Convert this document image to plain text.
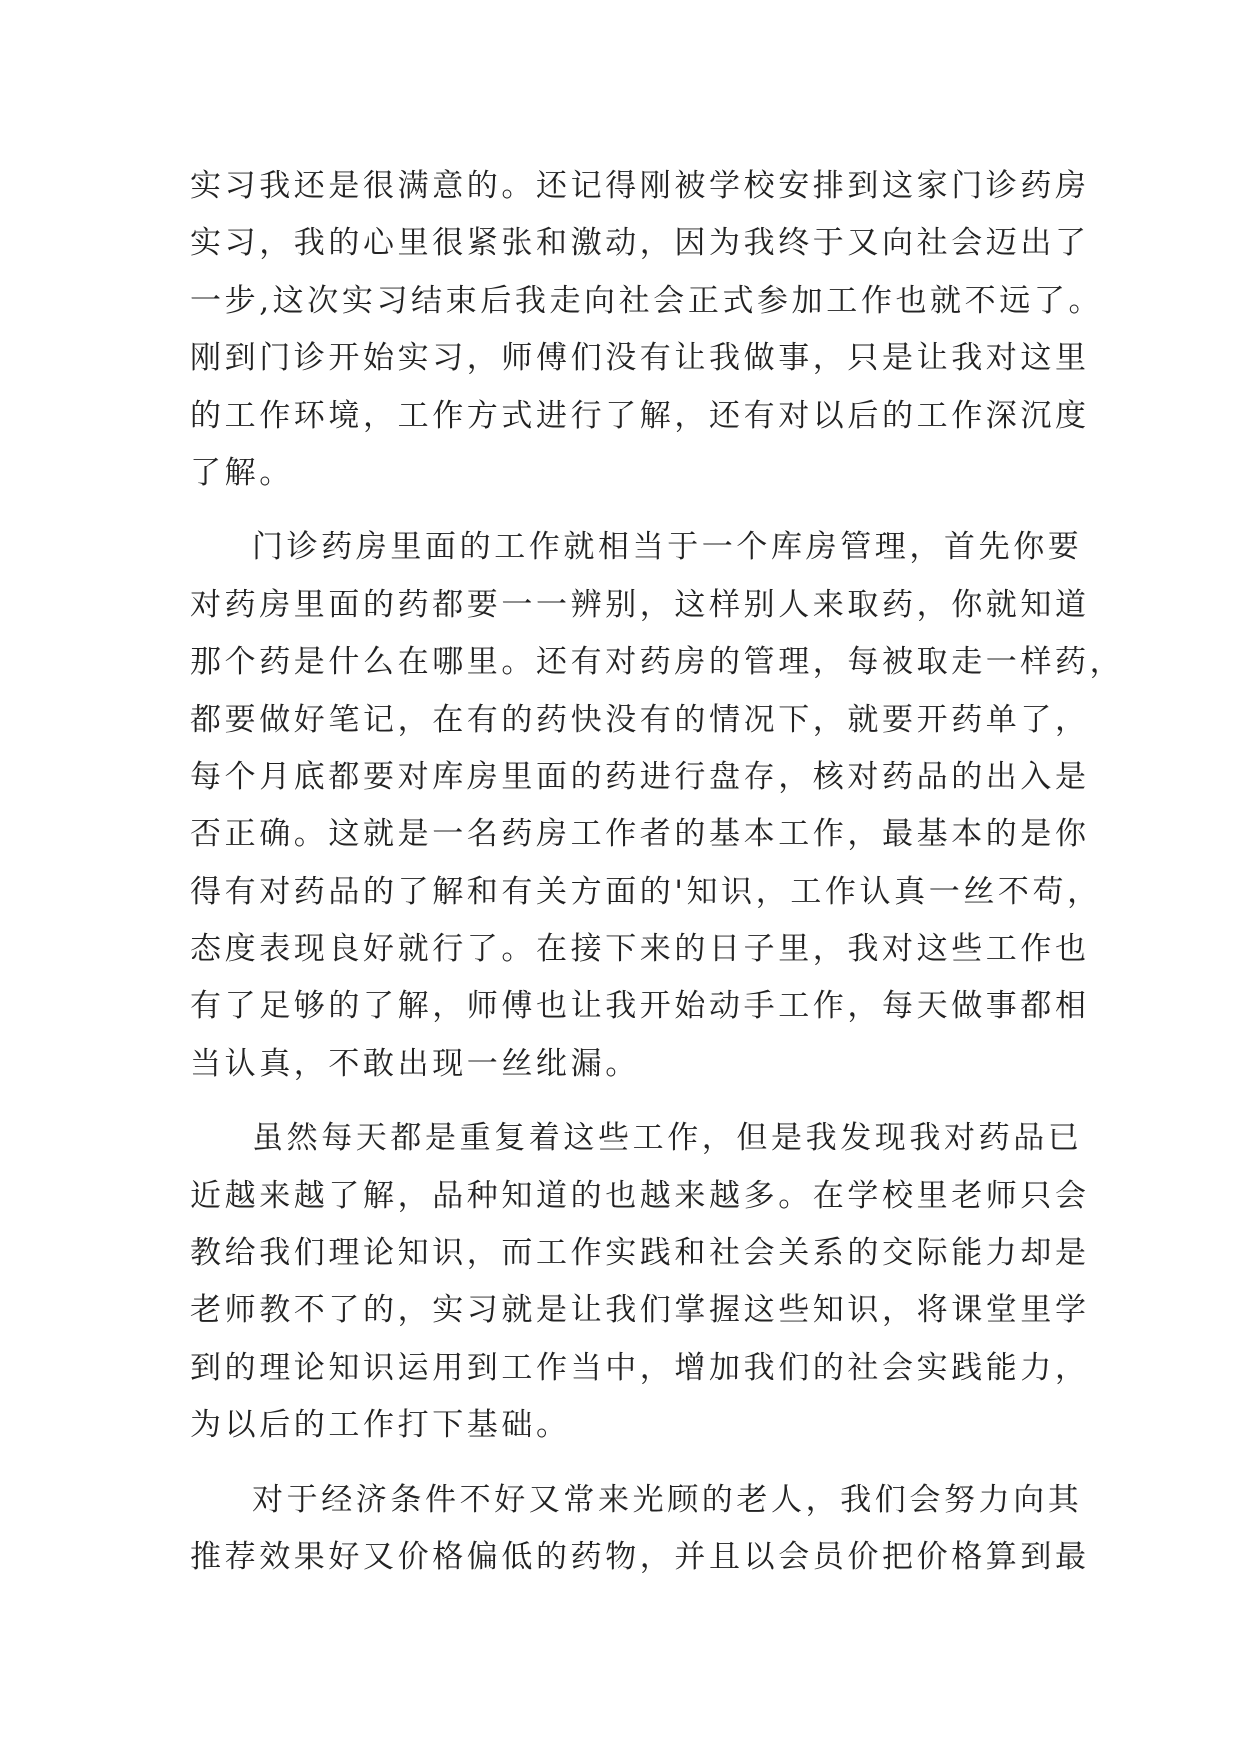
实习我还是很满意的。还记得刚被学校安排到这家门诊药房
实习，我的心里很紧张和激动，因为我终于又向社会迈出了
一步,这次实习结束后我走向社会正式参加工作也就不远了。
刚到门诊开始实习，师傅们没有让我做事，只是让我对这里
的工作环境，工作方式进行了解，还有对以后的工作深沉度
了解。
门诊药房里面的工作就相当于一个库房管理，首先你要
对药房里面的药都要一一辨别，这样别人来取药，你就知道
那个药是什么在哪里。还有对药房的管理，每被取走一样药，
都要做好笔记，在有的药快没有的情况下，就要开药单了，
每个月底都要对库房里面的药进行盘存，核对药品的出入是
否正确。这就是一名药房工作者的基本工作，最基本的是你
得有对药品的了解和有关方面的'知识，工作认真一丝不苟，
态度表现良好就行了。在接下来的日子里，我对这些工作也
有了足够的了解，师傅也让我开始动手工作，每天做事都相
当认真，不敢出现一丝纰漏。
虽然每天都是重复着这些工作，但是我发现我对药品已
近越来越了解，品种知道的也越来越多。在学校里老师只会
教给我们理论知识，而工作实践和社会关系的交际能力却是
老师教不了的，实习就是让我们掌握这些知识，将课堂里学
到的理论知识运用到工作当中，增加我们的社会实践能力，
为以后的工作打下基础。
对于经济条件不好又常来光顾的老人，我们会努力向其
推荐效果好又价格偏低的药物，并且以会员价把价格算到最
